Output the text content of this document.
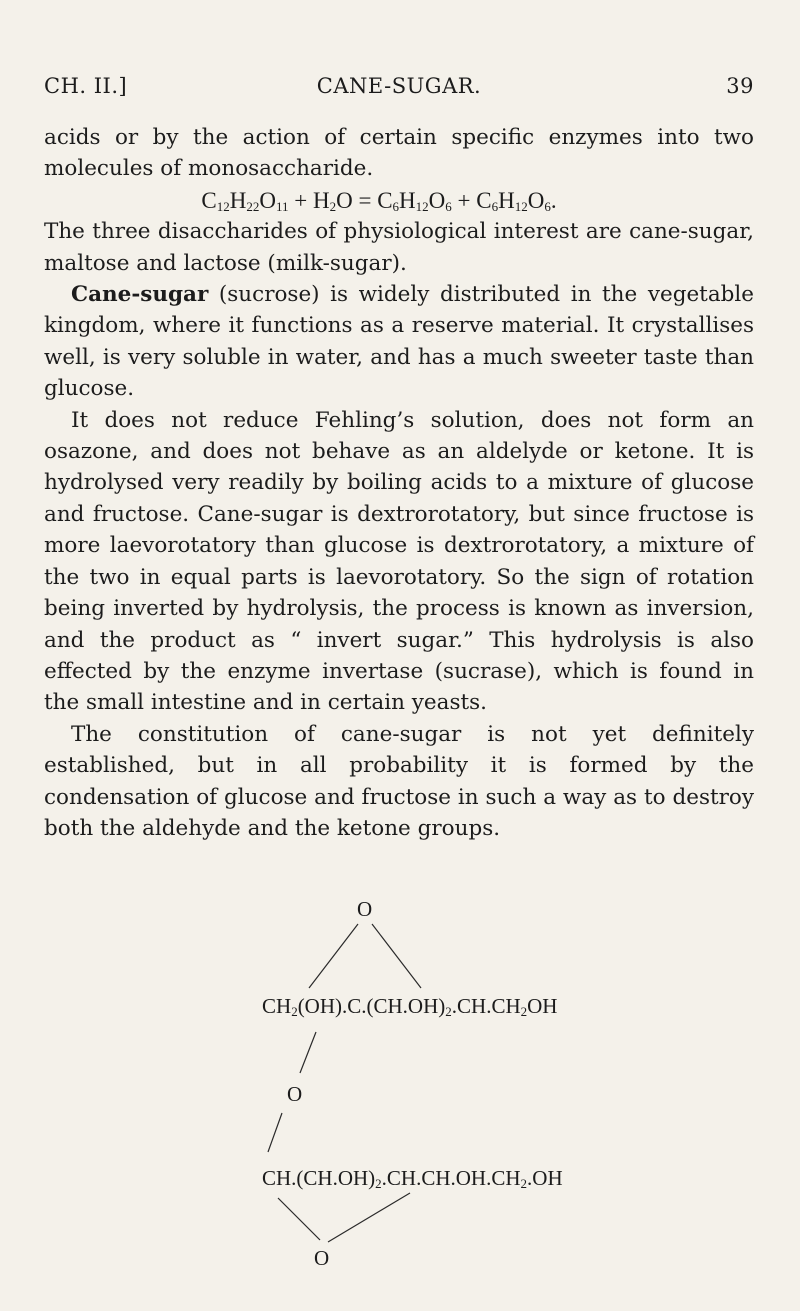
CH. II.]	CANE-SUGAR.	39

acids or by the action of certain specific enzymes into two molecules of monosaccharide.

$C_{12}H_{22}O_{11} + H_2O = C_6H_{12}O_6 + C_6H_{12}O_6$.

The three disaccharides of physiological interest are cane-sugar, maltose and lactose (milk-sugar).

Cane-sugar (sucrose) is widely distributed in the vegetable kingdom, where it functions as a reserve material. It crystallises well, is very soluble in water, and has a much sweeter taste than glucose.

It does not reduce Fehling’s solution, does not form an osazone, and does not behave as an aldelyde or ketone. It is hydrolysed very readily by boiling acids to a mixture of glucose and fructose. Cane-sugar is dextrorotatory, but since fructose is more laevorotatory than glucose is dextrorotatory, a mixture of the two in equal parts is laevorotatory. So the sign of rotation being inverted by hydrolysis, the process is known as inversion, and the product as “ invert sugar.” This hydrolysis is also effected by the enzyme invertase (sucrase), which is found in the small intestine and in certain yeasts.

The constitution of cane-sugar is not yet definitely established, but in all probability it is formed by the condensation of glucose and fructose in such a way as to destroy both the aldehyde and the ketone groups.

O
$CH_2(OH).C.(CH.OH)_2.CH.CH_2OH$
O
$CH.(CH.OH)_2.CH.CH.OH.CH_2.OH$
O
